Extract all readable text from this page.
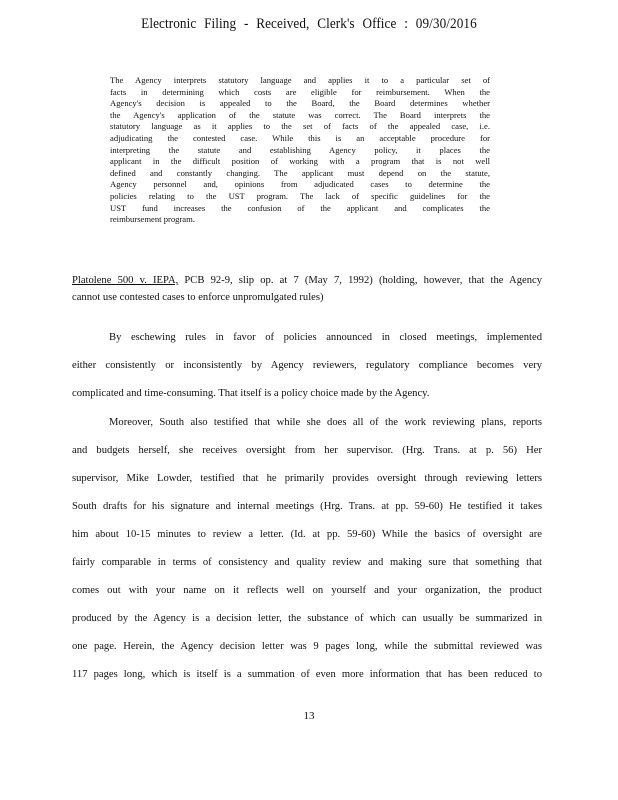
Electronic Filing - Received, Clerk's Office : 09/30/2016
The Agency interprets statutory language and applies it to a particular set of
facts in determining which costs are eligible for reimbursement. When the
Agency's decision is appealed to the Board, the Board determines whether
the Agency's application of the statute was correct. The Board interprets the
statutory language as it applies to the set of facts of the appealed case, i.e.
adjudicating the contested case. While this is an acceptable procedure for
interpreting the statute and establishing Agency policy, it places the
applicant in the difficult position of working with a program that is not well
defined and constantly changing. The applicant must depend on the statute,
Agency personnel and, opinions from adjudicated cases to determine the
policies relating to the UST program. The lack of specific guidelines for the
UST fund increases the confusion of the applicant and complicates the
reimbursement program.
Platolene 500 v. IEPA, PCB 92-9, slip op. at 7 (May 7, 1992) (holding, however, that the Agency
cannot use contested cases to enforce unpromulgated rules)
By eschewing rules in favor of policies announced in closed meetings, implemented
either consistently or inconsistently by Agency reviewers, regulatory compliance becomes very
complicated and time-consuming. That itself is a policy choice made by the Agency.
Moreover, South also testified that while she does all of the work reviewing plans, reports
and budgets herself, she receives oversight from her supervisor. (Hrg. Trans. at p. 56) Her
supervisor, Mike Lowder, testified that he primarily provides oversight through reviewing letters
South drafts for his signature and internal meetings (Hrg. Trans. at pp. 59-60) He testified it takes
him about 10-15 minutes to review a letter. (Id. at pp. 59-60) While the basics of oversight are
fairly comparable in terms of consistency and quality review and making sure that something that
comes out with your name on it reflects well on yourself and your organization, the product
produced by the Agency is a decision letter, the substance of which can usually be summarized in
one page. Herein, the Agency decision letter was 9 pages long, while the submittal reviewed was
117 pages long, which is itself is a summation of even more information that has been reduced to
13
